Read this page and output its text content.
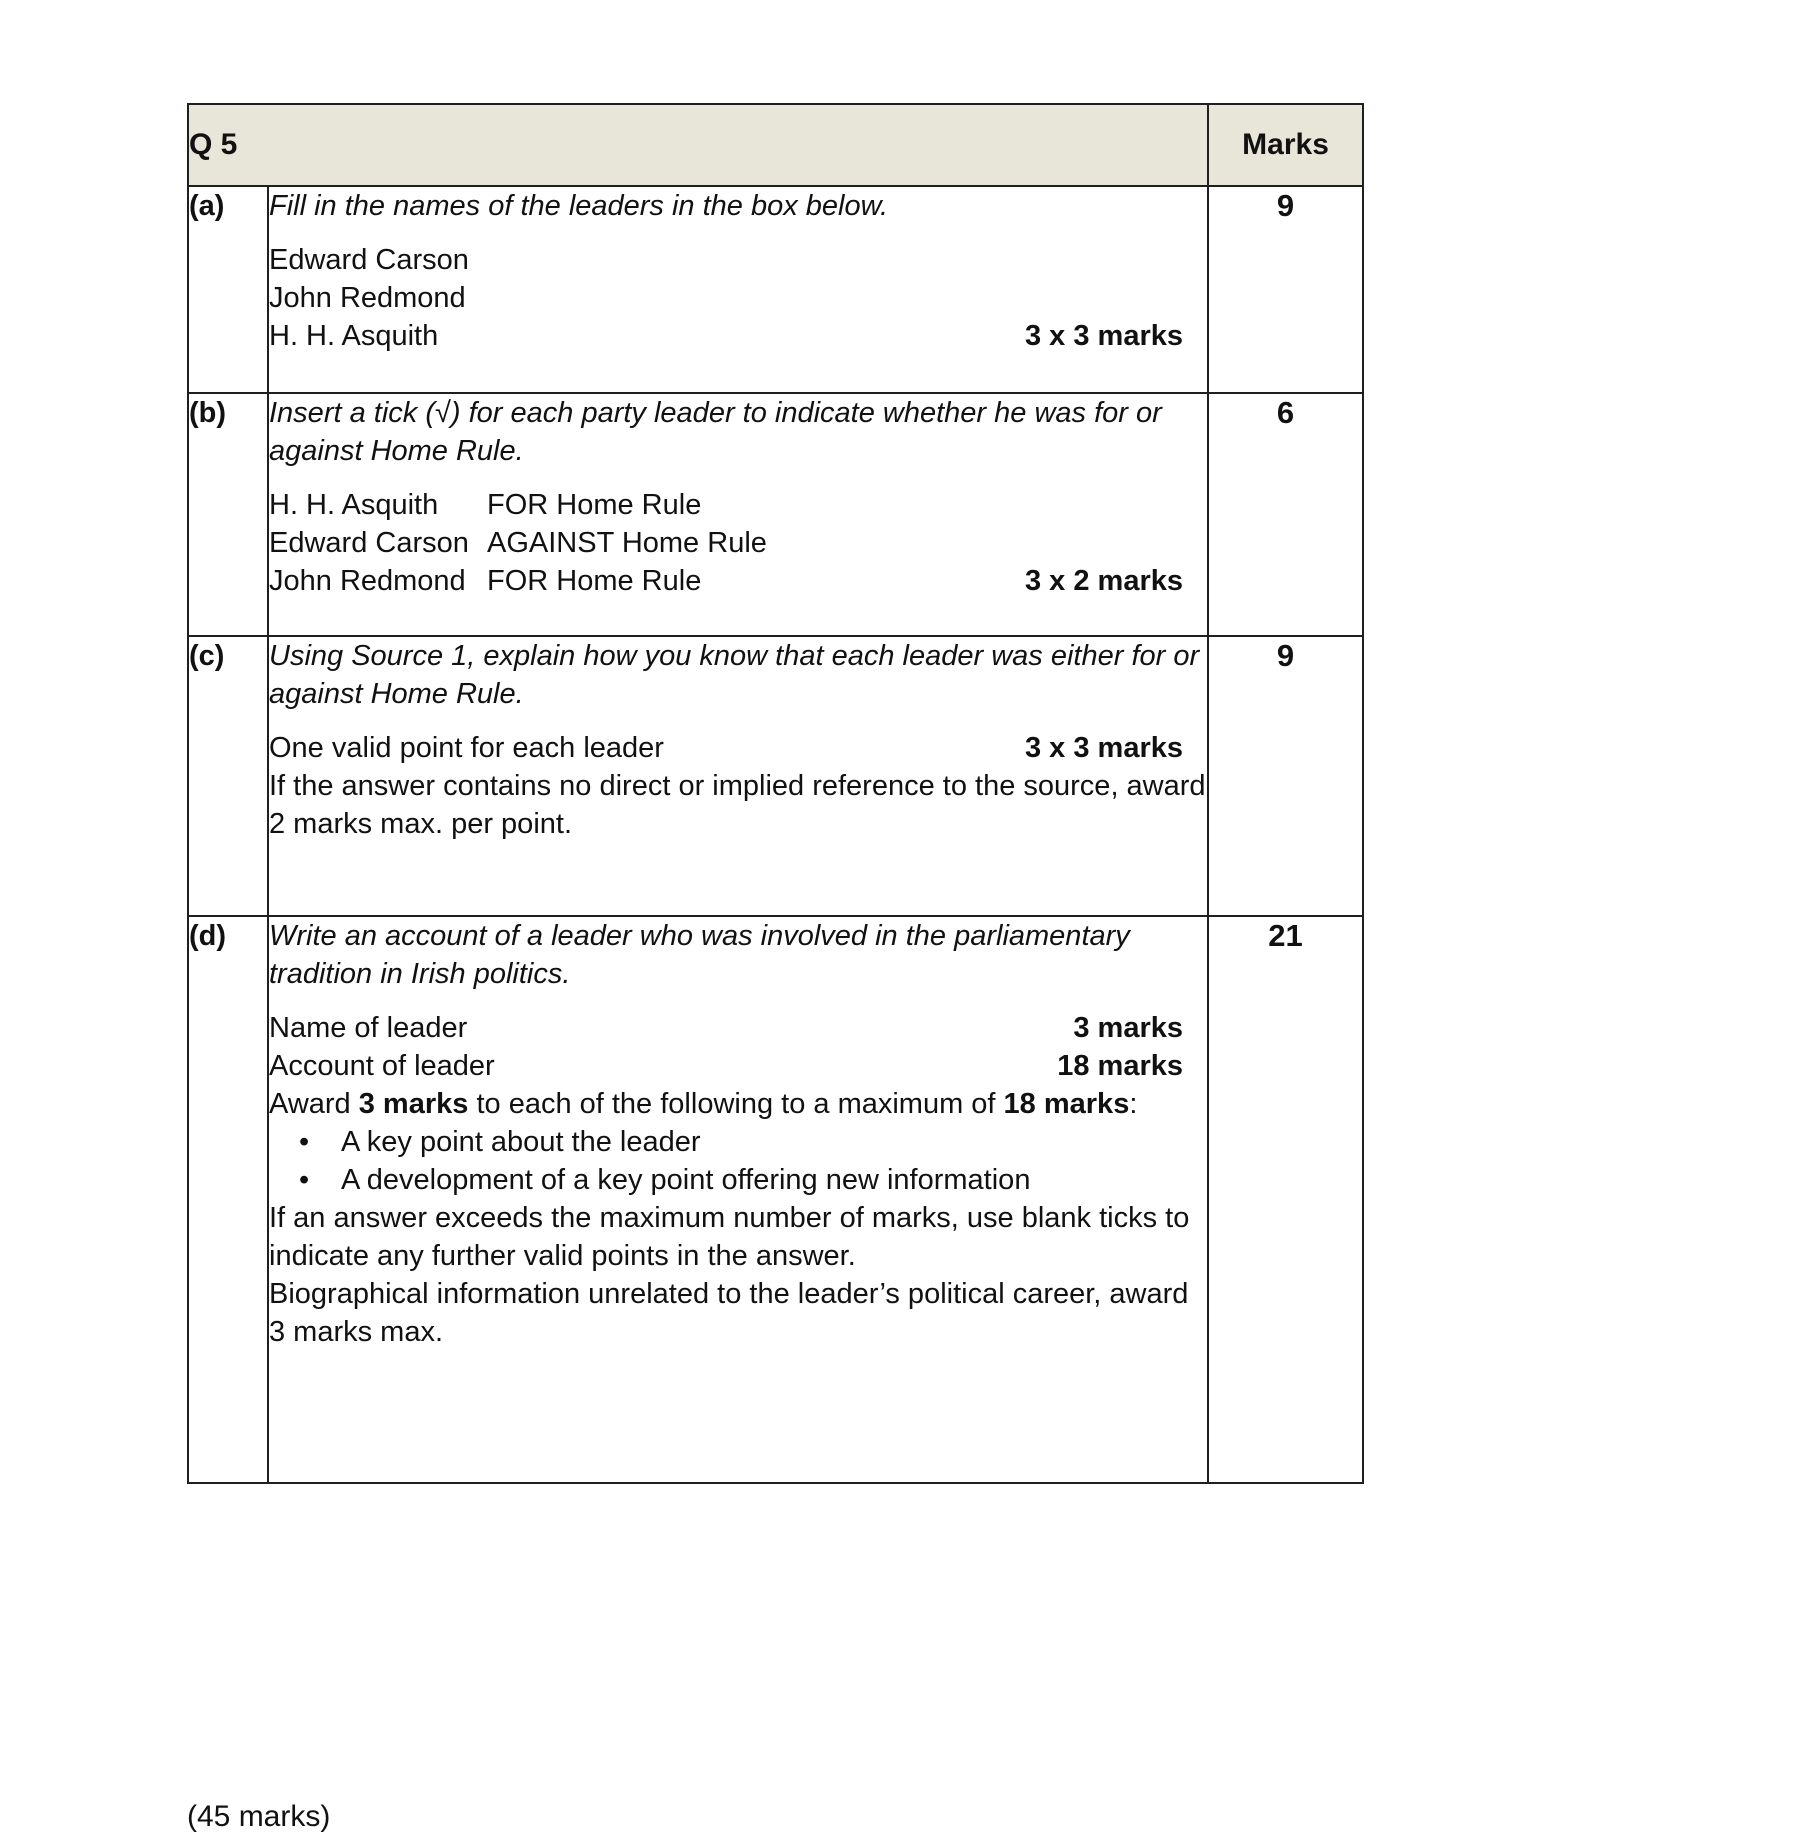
Q 5		Marks
(a)	Fill in the names of the leaders in the box below.

Edward Carson
John Redmond
H. H. Asquith 3 x 3 marks	9
(b)	Insert a tick (√) for each party leader to indicate whether he was for or against Home Rule.

H. H. Asquith	FOR Home Rule
Edward Carson AGAINST Home Rule
John Redmond FOR Home Rule	3 x 2 marks
	6
(c)	Using Source 1, explain how you know that each leader was either for or against Home Rule.

One valid point for each leader 3 x 3 marks

If the answer contains no direct or implied reference to the source, award 2 marks max. per point.	9
(d)	Write an account of a leader who was involved in the parliamentary tradition in Irish politics.

Name of leader	3 marks
Account of leader	18 marks

Award 3 marks to each of the following to a maximum of 18 marks:

• A key point about the leader
• A development of a key point offering new information

If an answer exceeds the maximum number of marks, use blank ticks to indicate any further valid points in the answer.

Biographical information unrelated to the leader’s political career, award 3 marks max.

	21
(45 marks)
